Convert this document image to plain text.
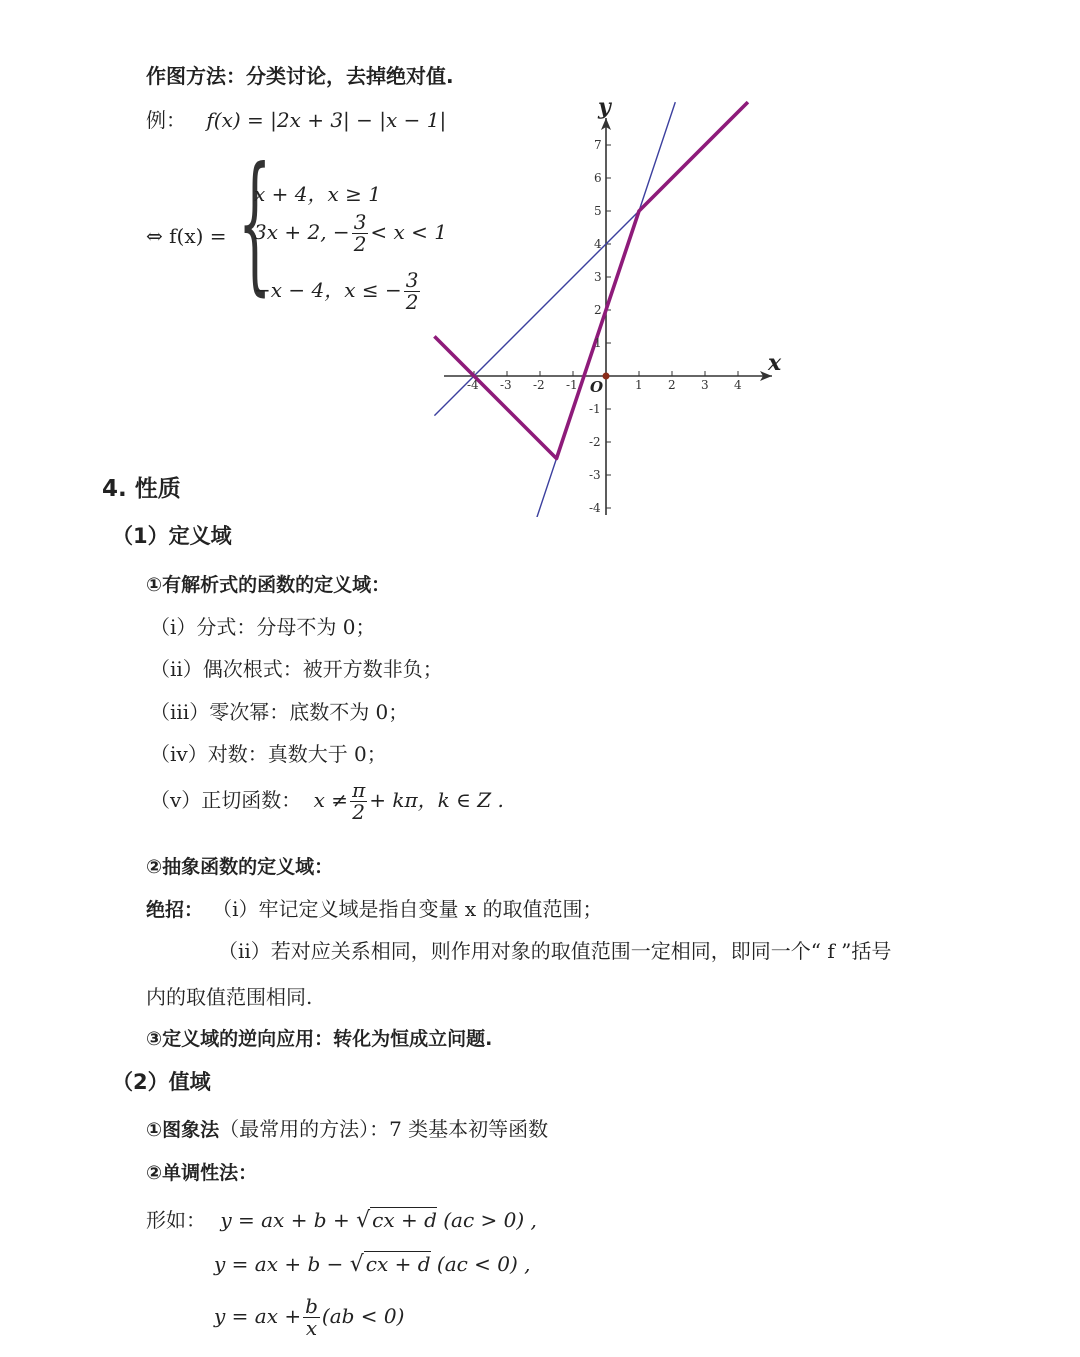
作图方法：分类讨论，去掉绝对值.
例： f(x) = |2x + 3| − |x − 1|
⇔ f(x) = {
x + 4，x ≥ 1
3x + 2, − $\frac{3}{2} < x < 1$
−x − 4，x ≤ − $\frac{3}{2}$
-4 -3 -2 -1	1 2 3 4
-4
-3
-2
-1
1
2
3
4
5
6
7
O
x
y
4. 性质
（1）定义域
①有解析式的函数的定义域：
（ⅰ）分式：分母不为 0；
（ⅱ）偶次根式：被开方数非负；
（ⅲ）零次幂：底数不为 0；
（ⅳ）对数：真数大于 0；
（ⅴ）正切函数： $x \ne \frac{\pi}{2} + k\pi$，k ∈ Z .
②抽象函数的定义域：
绝招： （ⅰ）牢记定义域是指自变量 x 的取值范围；
（ⅱ）若对应关系相同，则作用对象的取值范围一定相同，即同一个“ f ”括号
内的取值范围相同.
③定义域的逆向应用：转化为恒成立问题.
（2）值域
①图象法（最常用的方法）：7 类基本初等函数
②单调性法：
形如： y = ax + b + √ cx + d (ac > 0) ,
y = ax + b − √ cx + d (ac < 0) ,
y = ax + $\frac{b}{x} (ab < 0)$
